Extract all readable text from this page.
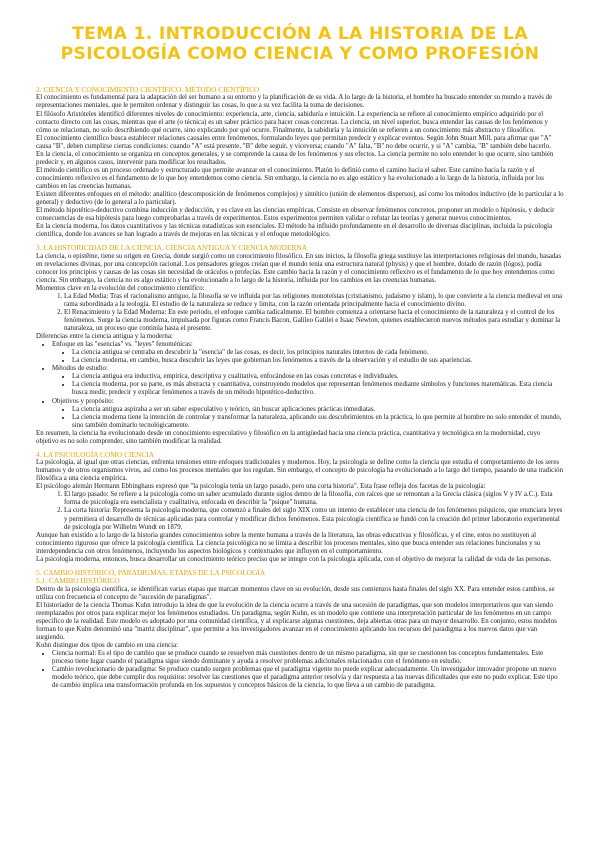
TEMA 1. INTRODUCCIÓN A LA HISTORIA DE LA
PSICOLOGÍA COMO CIENCIA Y COMO PROFESIÓN

2. CIENCIA Y CONOCIMIENTO CIENTÍFICO. MÉTODO CIENTÍFICO

El conocimiento es fundamental para la adaptación del ser humano a su entorno y la planificación de su vida. A lo largo de la historia, el hombre ha buscado entender su mundo a través de representaciones mentales, que le permiten ordenar y distinguir las cosas, lo que a su vez facilita la toma de decisiones.

El filósofo Aristóteles identificó diferentes niveles de conocimiento: experiencia, arte, ciencia, sabiduría e intuición. La experiencia se refiere al conocimiento empírico adquirido por el contacto directo con las cosas, mientras que el arte (o técnica) es un saber práctico para hacer cosas concretas. La ciencia, un nivel superior, busca entender las causas de los fenómenos y cómo se relacionan, no solo describiendo qué ocurre, sino explicando por qué ocurre. Finalmente, la sabiduría y la intuición se refieren a un conocimiento más abstracto y filosófico.

El conocimiento científico busca establecer relaciones causales entre fenómenos, formulando leyes que permitan predecir y explicar eventos. Según John Stuart Mill, para afirmar que "A" causa "B", deben cumplirse ciertas condiciones: cuando "A" está presente, "B" debe seguir, y viceversa; cuando "A" falta, "B" no debe ocurrir, y si "A" cambia, "B" también debe hacerlo.

En la ciencia, el conocimiento se organiza en conceptos generales, y se comprende la causa de los fenómenos y sus efectos. La ciencia permite no solo entender lo que ocurre, sino también predecir y, en algunos casos, intervenir para modificar los resultados.

El método científico es un proceso ordenado y estructurado que permite avanzar en el conocimiento. Platón lo definió como el camino hacia el saber. Este camino hacia la razón y el conocimiento reflexivo es el fundamento de lo que hoy entendemos como ciencia. Sin embargo, la ciencia no es algo estático y ha evolucionado a lo largo de la historia, influida por los cambios en las creencias humanas.

Existen diferentes enfoques en el método: analítico (descomposición de fenómenos complejos) y sintético (unión de elementos dispersos), así como los métodos inductivo (de lo particular a lo general) y deductivo (de lo general a lo particular).

El método hipotético-deductivo combina inducción y deducción, y es clave en las ciencias empíricas. Consiste en observar fenómenos concretos, proponer un modelo o hipótesis, y deducir consecuencias de esa hipótesis para luego comprobarlas a través de experimentos. Estos experimentos permiten validar o refutar las teorías y generar nuevos conocimientos.

En la ciencia moderna, los datos cuantitativos y las técnicas estadísticas son esenciales. El método ha influido profundamente en el desarrollo de diversas disciplinas, incluida la psicología científica, donde los avances se han logrado a través de mejoras en las técnicas y el enfoque metodológico.

3. LA HISTORICIDAD DE LA CIENCIA. CIENCIA ANTIGUA Y CIENCIA MODERNA

La ciencia, o epistēme, tiene su origen en Grecia, donde surgió como un conocimiento filosófico. En sus inicios, la filosofía griega sustituye las interpretaciones religiosas del mundo, basadas en revelaciones divinas, por una concepción racional. Los pensadores griegos creían que el mundo tenía una estructura natural (physis) y que el hombre, dotado de razón (lógos), podía conocer los principios y causas de las cosas sin necesidad de oráculos o profecías. Este cambio hacia la razón y el conocimiento reflexivo es el fundamento de lo que hoy entendemos como ciencia. Sin embargo, la ciencia no es algo estático y ha evolucionado a lo largo de la historia, influida por los cambios en las creencias humanas.

Momentos clave en la evolución del conocimiento científico:

1. La Edad Media: Tras el racionalismo antiguo, la filosofía se ve influida por las religiones monoteístas (cristianismo, judaísmo y islam), lo que convierte a la ciencia medieval en una rama subordinada a la teología. El estudio de la naturaleza se reduce y limita, con la razón orientada principalmente hacia el conocimiento divino.
2. El Renacimiento y la Edad Moderna: En este periodo, el enfoque cambia radicalmente. El hombre comienza a orientarse hacia el conocimiento de la naturaleza y el control de los fenómenos. Surge la ciencia moderna, impulsada por figuras como Francis Bacon, Galileo Galilei e Isaac Newton, quienes establecieron nuevos métodos para estudiar y dominar la naturaleza, un proceso que continúa hasta el presente.

Diferencias entre la ciencia antigua y la moderna:

• Enfoque en las "esencias" vs. "leyes" fenoménicas:
• La ciencia antigua se centraba en descubrir la "esencia" de las cosas, es decir, los principios naturales internos de cada fenómeno.
• La ciencia moderna, en cambio, busca descubrir las leyes que gobiernan los fenómenos a través de la observación y el estudio de sus apariencias.
• Métodos de estudio:
• La ciencia antigua era inductiva, empírica, descriptiva y cualitativa, enfocándose en las cosas concretas e individuales.
• La ciencia moderna, por su parte, es más abstracta y cuantitativa, construyendo modelos que representan fenómenos mediante símbolos y funciones matemáticas. Esta ciencia busca medir, predecir y explicar fenómenos a través de un método hipotético-deductivo.
• Objetivos y propósito:
• La ciencia antigua aspiraba a ser un saber especulativo y teórico, sin buscar aplicaciones prácticas inmediatas.
• La ciencia moderna tiene la intención de controlar y transformar la naturaleza, aplicando sus descubrimientos en la práctica, lo que permite al hombre no solo entender el mundo, sino también dominarlo tecnológicamente.

En resumen, la ciencia ha evolucionado desde un conocimiento especulativo y filosófico en la antigüedad hacia una ciencia práctica, cuantitativa y tecnológica en la modernidad, cuyo objetivo es no solo comprender, sino también modificar la realidad.

4. LA PSICOLOGÍA COMO CIENCIA

La psicología, al igual que otras ciencias, enfrenta tensiones entre enfoques tradicionales y modernos. Hoy, la psicología se define como la ciencia que estudia el comportamiento de los seres humanos y de otros organismos vivos, así como los procesos mentales que los regulan. Sin embargo, el concepto de psicología ha evolucionado a lo largo del tiempo, pasando de una tradición filosófica a una ciencia empírica.

El psicólogo alemán Hermann Ebbinghaus expresó que "la psicología tenía un largo pasado, pero una corta historia". Esta frase refleja dos facetas de la psicología:

1. El largo pasado: Se refiere a la psicología como un saber acumulado durante siglos dentro de la filosofía, con raíces que se remontan a la Grecia clásica (siglos V y IV a.C.). Esta forma de psicología era esencialista y cualitativa, enfocada en describir la "psique" humana.
2. La corta historia: Representa la psicología moderna, que comenzó a finales del siglo XIX como un intento de establecer una ciencia de los fenómenos psíquicos, que enunciara leyes y permitiera el desarrollo de técnicas aplicadas para controlar y modificar dichos fenómenos. Esta psicología científica se fundó con la creación del primer laboratorio experimental de psicología por Wilhelm Wundt en 1879.

Aunque han existido a lo largo de la historia grandes conocimientos sobre la mente humana a través de la literatura, las obras educativas y filosóficas, y el cine, estos no sustituyen al conocimiento riguroso que ofrece la psicología científica. La ciencia psicológica no se limita a describir los procesos mentales, sino que busca entender sus relaciones funcionales y su interdependencia con otros fenómenos, incluyendo los aspectos biológicos y contextuales que influyen en el comportamiento.

La psicología moderna, entonces, busca desarrollar un conocimiento teórico preciso que se integre con la psicología aplicada, con el objetivo de mejorar la calidad de vida de las personas.

5. CAMBIO HISTÓRICO, PARADIGMAS, ETAPAS DE LA PSICOLOGÍA

5.1. CAMBIO HISTÓRICO

Dentro de la psicología científica, se identifican varias etapas que marcan momentos clave en su evolución, desde sus comienzos hasta finales del siglo XX. Para entender estos cambios, se utiliza con frecuencia el concepto de "sucesión de paradigmas".

El historiador de la ciencia Thomas Kuhn introdujo la idea de que la evolución de la ciencia ocurre a través de una sucesión de paradigmas, que son modelos interpretativos que van siendo reemplazados por otros para explicar mejor los fenómenos estudiados. Un paradigma, según Kuhn, es un modelo que contiene una interpretación particular de los fenómenos en un campo específico de la realidad. Este modelo es adoptado por una comunidad científica, y al explicarse algunas cuestiones, deja abiertas otras para un mayor desarrollo. En conjunto, estos modelos forman lo que Kuhn denominó una "matriz disciplinar", que permite a los investigadores avanzar en el conocimiento aplicando los recursos del paradigma a los nuevos datos que van surgiendo.

Kuhn distingue dos tipos de cambio en una ciencia:

• Ciencia normal: Es el tipo de cambio que se produce cuando se resuelven más cuestiones dentro de un mismo paradigma, sin que se cuestionen los conceptos fundamentales. Este proceso tiene lugar cuando el paradigma sigue siendo dominante y ayuda a resolver problemas adicionales relacionados con el fenómeno en estudio.
• Cambio revolucionario de paradigma: Se produce cuando surgen problemas que el paradigma vigente no puede explicar adecuadamente. Un investigador innovador propone un nuevo modelo teórico, que debe cumplir dos requisitos: resolver las cuestiones que el paradigma anterior resolvía y dar respuesta a las nuevas dificultades que este no pudo explicar. Este tipo de cambio implica una transformación profunda en los supuestos y conceptos básicos de la ciencia, lo que lleva a un cambio de paradigma.
